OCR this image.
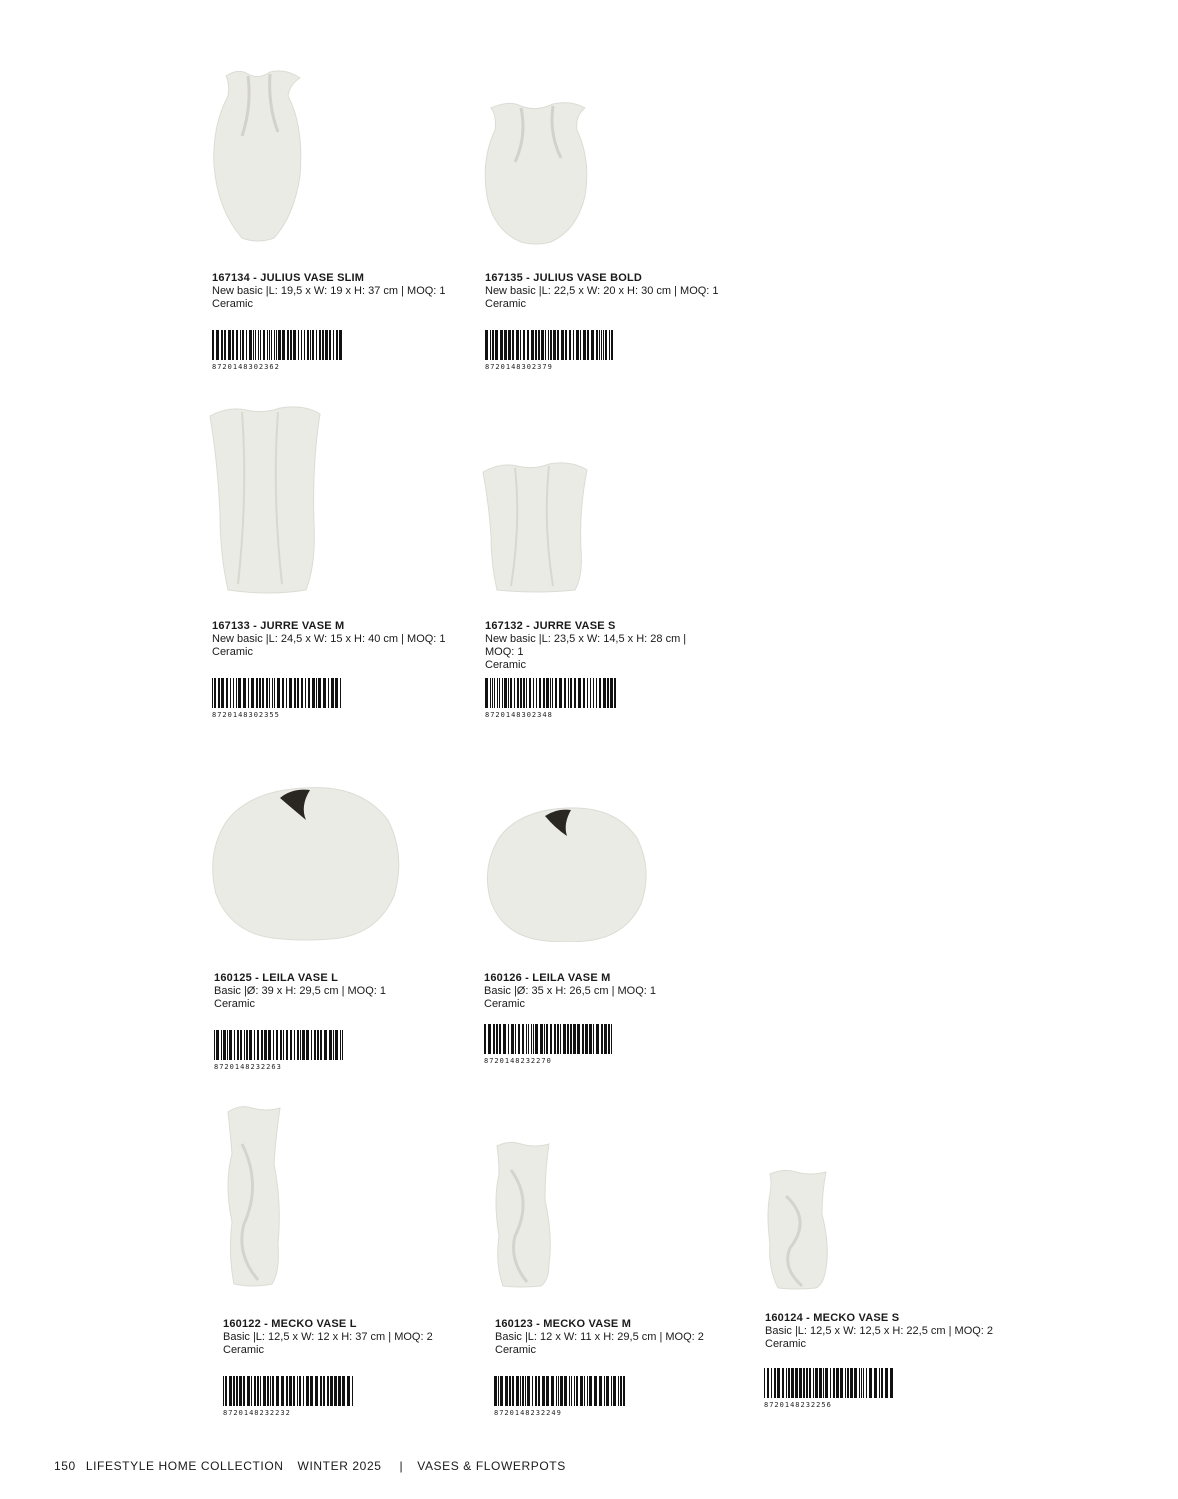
167134 - JULIUS VASE SLIM
New basic |L: 19,5 x W: 19 x H: 37 cm | MOQ: 1
Ceramic
8720148302362
167135 - JULIUS VASE BOLD
New basic |L: 22,5 x W: 20 x H: 30 cm | MOQ: 1
Ceramic
8720148302379
167133 - JURRE VASE M
New basic |L: 24,5 x W: 15 x H: 40 cm | MOQ: 1
Ceramic
8720148302355
167132 - JURRE VASE S
New basic |L: 23,5 x W: 14,5 x H: 28 cm |
MOQ: 1
Ceramic
8720148302348
160125 - LEILA VASE L
Basic |Ø: 39 x H: 29,5 cm | MOQ: 1
Ceramic
8720148232263
160126 - LEILA VASE M
Basic |Ø: 35 x H: 26,5 cm | MOQ: 1
Ceramic
8720148232270
160122 - MECKO VASE L
Basic |L: 12,5 x W: 12 x H: 37 cm | MOQ: 2
Ceramic
8720148232232
160123 - MECKO VASE M
Basic |L: 12 x W: 11 x H: 29,5 cm | MOQ: 2
Ceramic
8720148232249
160124 - MECKO VASE S
Basic |L: 12,5 x W: 12,5 x H: 22,5 cm | MOQ: 2
Ceramic
8720148232256
150 LIFESTYLE HOME COLLECTION WINTER 2025 | VASES & FLOWERPOTS
